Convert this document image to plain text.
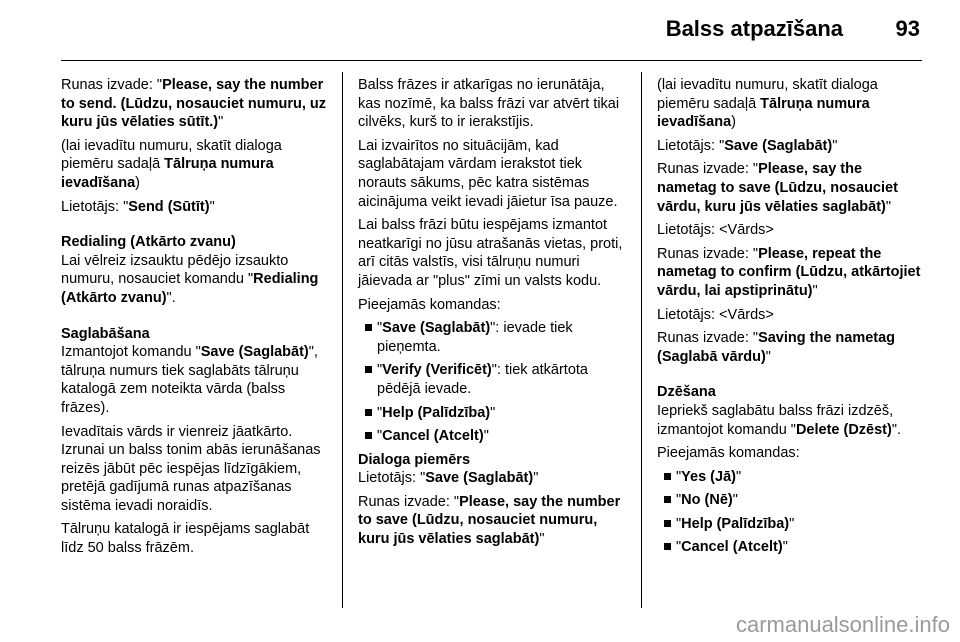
Balss atpazīšana 93

Runas izvade: "Please, say the number to send. (Lūdzu, nosauciet numuru, uz kuru jūs vēlaties sūtīt.)"

(lai ievadītu numuru, skatīt dialoga piemēru sadaļā Tālruņa numura ievadīšana)

Lietotājs: "Send (Sūtīt)"

Redialing (Atkārto zvanu)

Lai vēlreiz izsauktu pēdējo izsaukto numuru, nosauciet komandu "Redialing (Atkārto zvanu)".

Saglabāšana

Izmantojot komandu "Save (Saglabāt)", tālruņa numurs tiek saglabāts tālruņu katalogā zem noteikta vārda (balss frāzes).

Ievadītais vārds ir vienreiz jāatkārto. Izrunai un balss tonim abās ierunāšanas reizēs jābūt pēc iespējas līdzīgākiem, pretējā gadījumā runas atpazīšanas sistēma ievadi noraidīs.

Tālruņu katalogā ir iespējams saglabāt līdz 50 balss frāzēm.

Balss frāzes ir atkarīgas no ierunātāja, kas nozīmē, ka balss frāzi var atvērt tikai cilvēks, kurš to ir ierakstījis.

Lai izvairītos no situācijām, kad saglabātajam vārdam ierakstot tiek norauts sākums, pēc katra sistēmas aicinājuma veikt ievadi jāietur īsa pauze.

Lai balss frāzi būtu iespējams izmantot neatkarīgi no jūsu atrašanās vietas, proti, arī citās valstīs, visi tālruņu numuri jāievada ar "plus" zīmi un valsts kodu.

Pieejamās komandas:

"Save (Saglabāt)": ievade tiek pieņemta.
"Verify (Verificēt)": tiek atkārtota pēdējā ievade.
"Help (Palīdzība)"
"Cancel (Atcelt)"
Dialoga piemērs

Lietotājs: "Save (Saglabāt)"

Runas izvade: "Please, say the number to save (Lūdzu, nosauciet numuru, kuru jūs vēlaties saglabāt)"

(lai ievadītu numuru, skatīt dialoga piemēru sadaļā Tālruņa numura ievadīšana)

Lietotājs: "Save (Saglabāt)"

Runas izvade: "Please, say the nametag to save (Lūdzu, nosauciet vārdu, kuru jūs vēlaties saglabāt)"

Lietotājs: <Vārds>

Runas izvade: "Please, repeat the nametag to confirm (Lūdzu, atkārtojiet vārdu, lai apstiprinātu)"

Lietotājs: <Vārds>

Runas izvade: "Saving the nametag (Saglabā vārdu)"

Dzēšana

Iepriekš saglabātu balss frāzi izdzēš, izmantojot komandu "Delete (Dzēst)".

Pieejamās komandas:

"Yes (Jā)"
"No (Nē)"
"Help (Palīdzība)"
"Cancel (Atcelt)"
carmanualsonline.info
